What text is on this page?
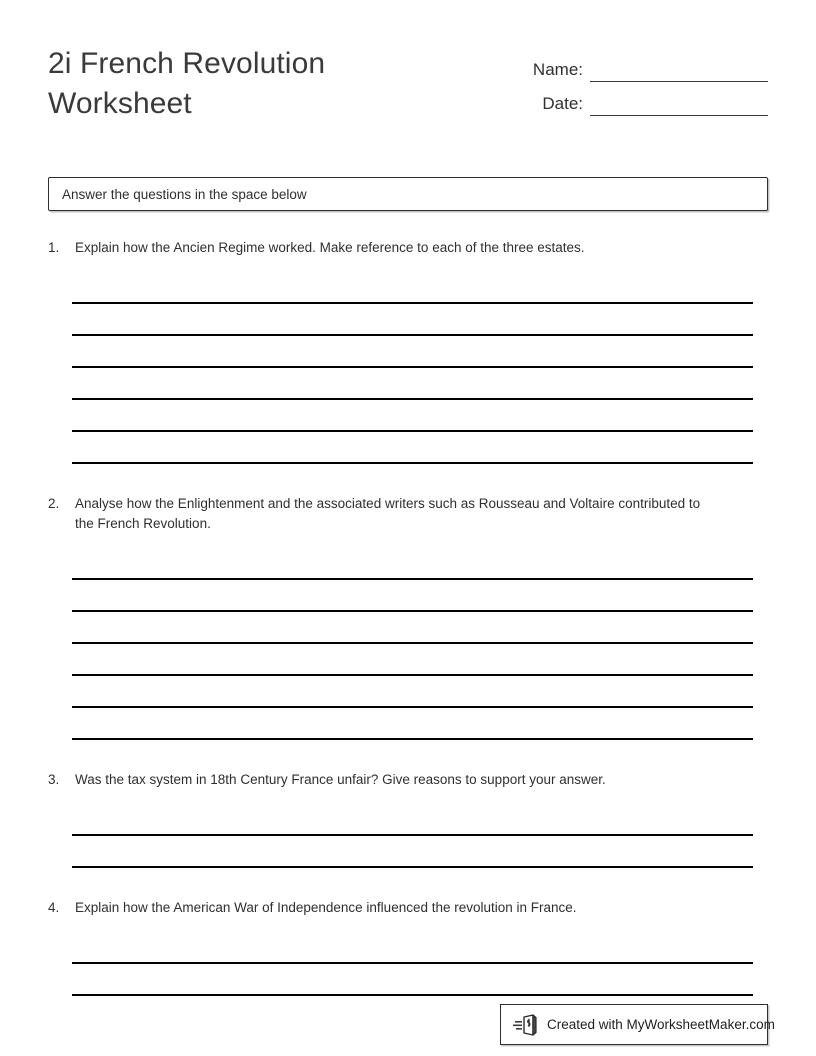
2i French Revolution Worksheet
Name:
Date:
Answer the questions in the space below
1.	Explain how the Ancien Regime worked. Make reference to each of the three estates.
2.	Analyse how the Enlightenment and the associated writers such as Rousseau and Voltaire contributed to the French Revolution.
3.	Was the tax system in 18th Century France unfair? Give reasons to support your answer.
4.	Explain how the American War of Independence influenced the revolution in France.
Created with MyWorksheetMaker.com
